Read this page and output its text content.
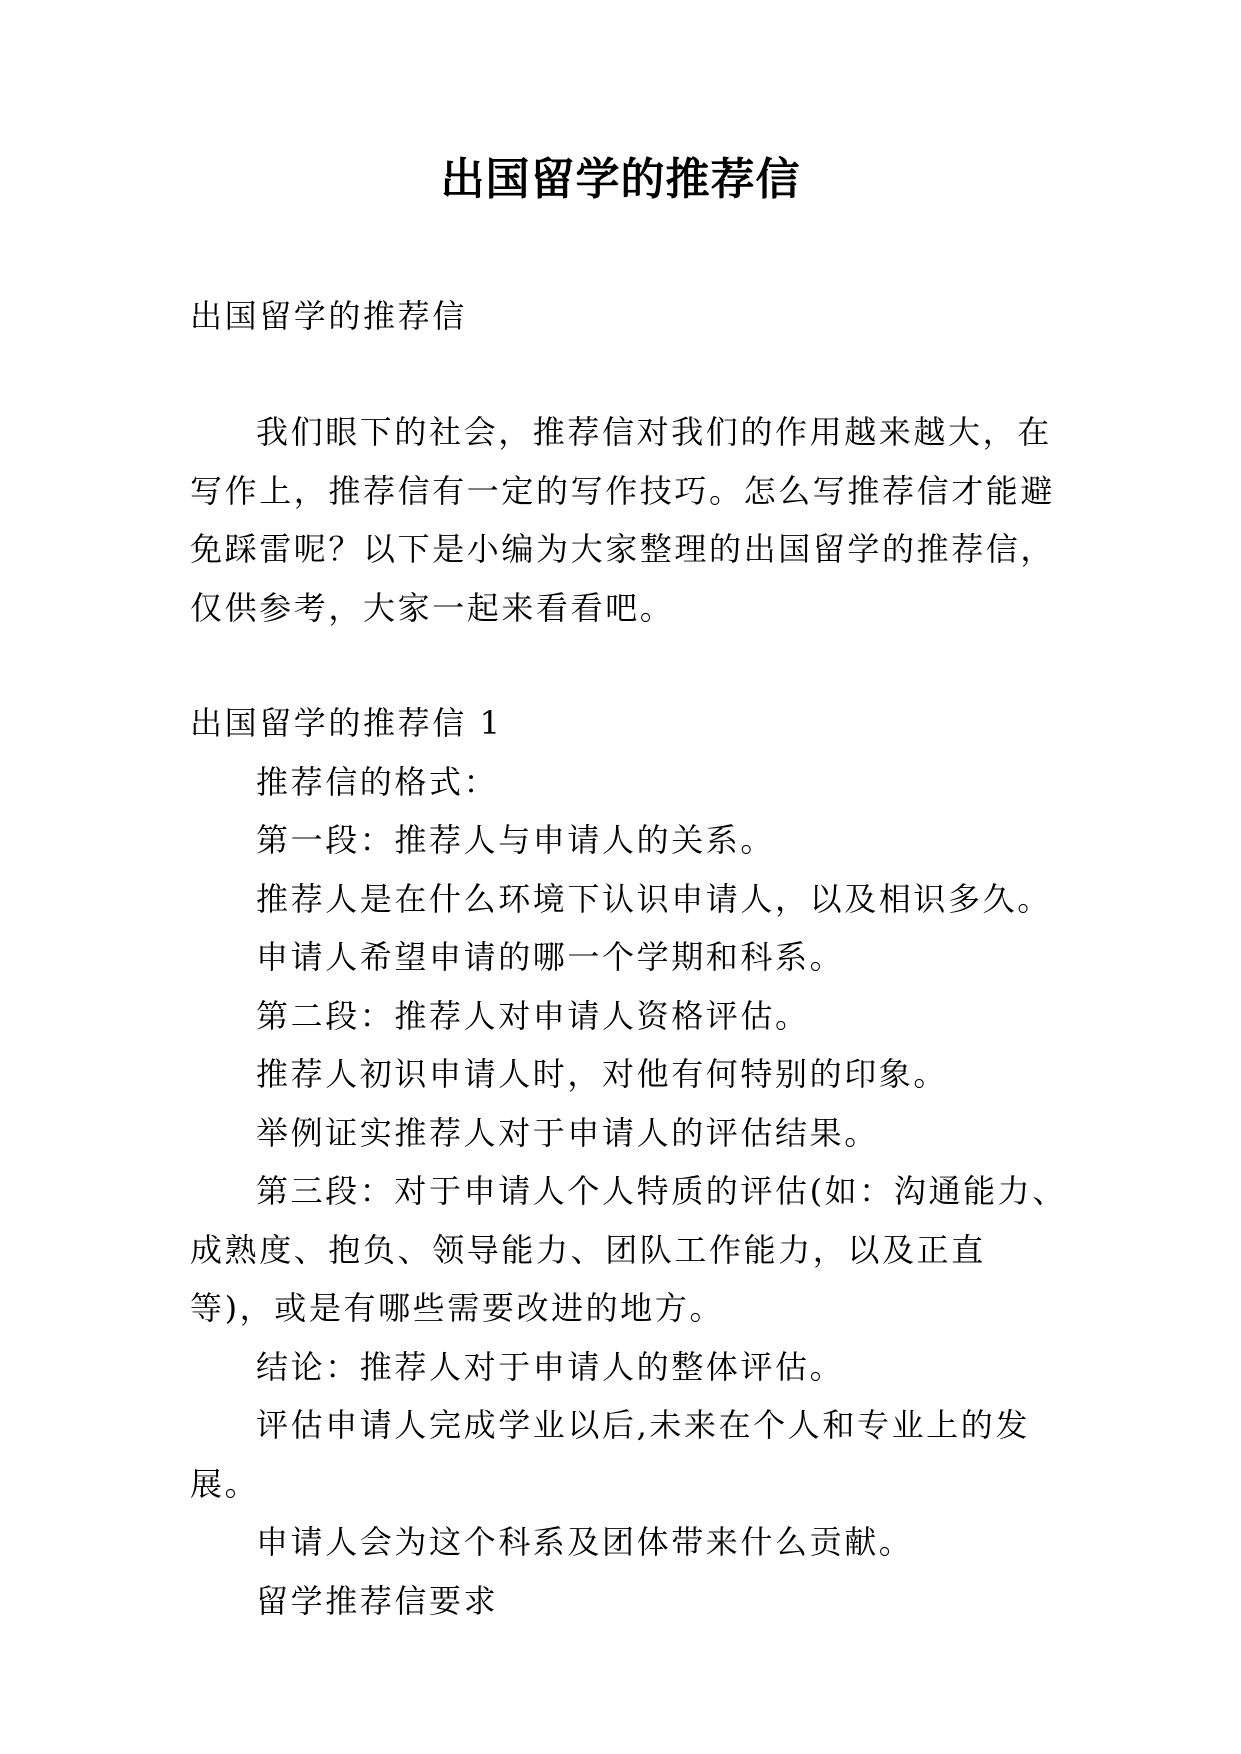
出国留学的推荐信

出国留学的推荐信

我们眼下的社会，推荐信对我们的作用越来越大，在写作上，推荐信有一定的写作技巧。怎么写推荐信才能避免踩雷呢？以下是小编为大家整理的出国留学的推荐信，仅供参考，大家一起来看看吧。

出国留学的推荐信 1

推荐信的格式：

第一段：推荐人与申请人的关系。

推荐人是在什么环境下认识申请人，以及相识多久。

申请人希望申请的哪一个学期和科系。

第二段：推荐人对申请人资格评估。

推荐人初识申请人时，对他有何特别的印象。

举例证实推荐人对于申请人的评估结果。

第三段：对于申请人个人特质的评估(如：沟通能力、成熟度、抱负、领导能力、团队工作能力，以及正直等)，或是有哪些需要改进的地方。

结论：推荐人对于申请人的整体评估。

评估申请人完成学业以后,未来在个人和专业上的发展。

申请人会为这个科系及团体带来什么贡献。

留学推荐信要求
